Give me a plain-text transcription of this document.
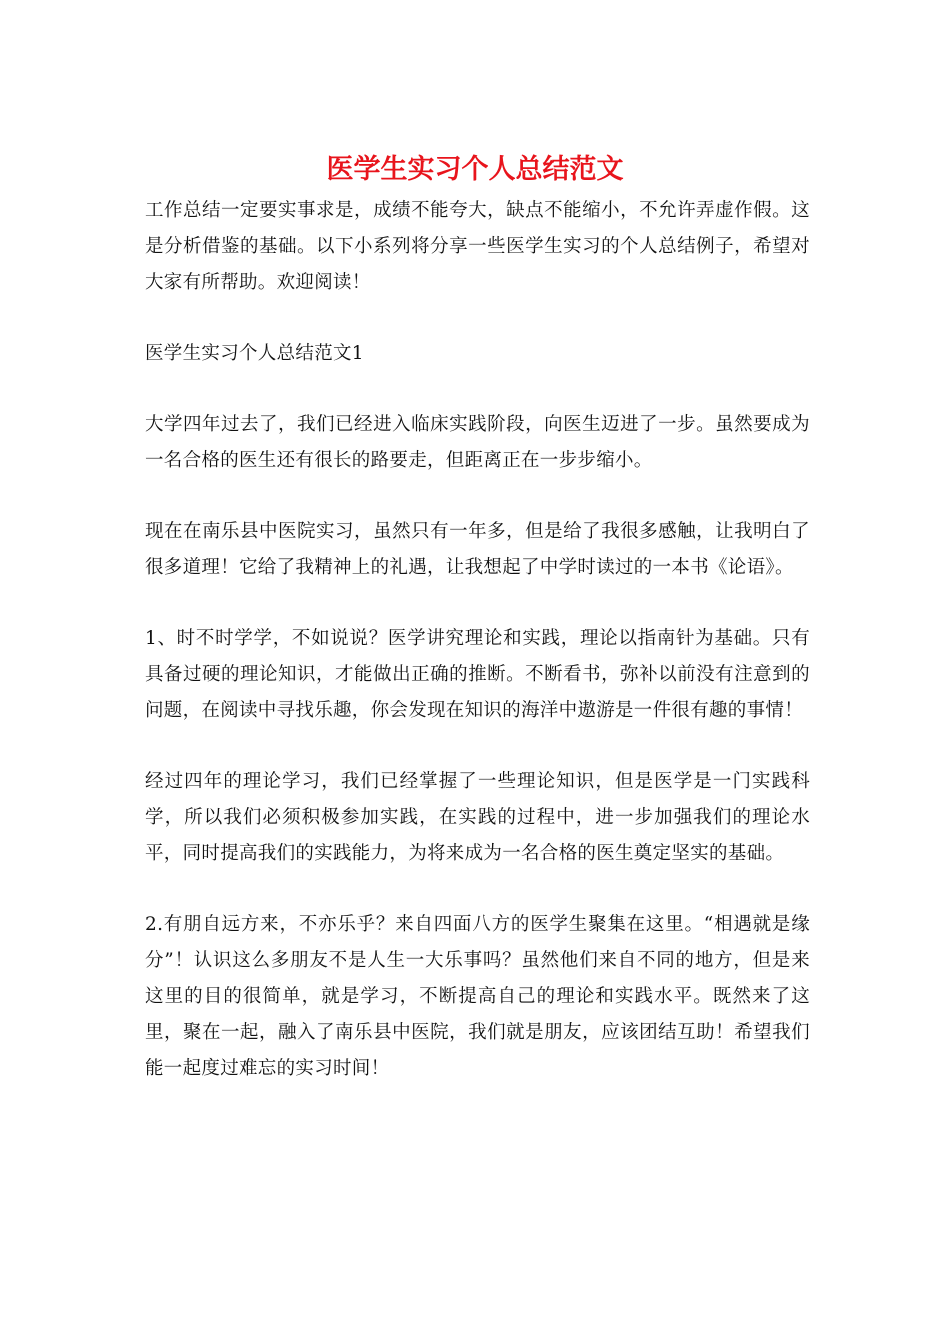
医学生实习个人总结范文

工作总结一定要实事求是，成绩不能夸大，缺点不能缩小，不允许弄虚作假。这是分析借鉴的基础。以下小系列将分享一些医学生实习的个人总结例子，希望对大家有所帮助。欢迎阅读！

医学生实习个人总结范文1

大学四年过去了，我们已经进入临床实践阶段，向医生迈进了一步。虽然要成为一名合格的医生还有很长的路要走，但距离正在一步步缩小。

现在在南乐县中医院实习，虽然只有一年多，但是给了我很多感触，让我明白了很多道理！它给了我精神上的礼遇，让我想起了中学时读过的一本书《论语》。

1、时不时学学，不如说说？医学讲究理论和实践，理论以指南针为基础。只有具备过硬的理论知识，才能做出正确的推断。不断看书，弥补以前没有注意到的问题，在阅读中寻找乐趣，你会发现在知识的海洋中遨游是一件很有趣的事情！

经过四年的理论学习，我们已经掌握了一些理论知识，但是医学是一门实践科学，所以我们必须积极参加实践，在实践的过程中，进一步加强我们的理论水平，同时提高我们的实践能力，为将来成为一名合格的医生奠定坚实的基础。

2.有朋自远方来，不亦乐乎？来自四面八方的医学生聚集在这里。“相遇就是缘分”！认识这么多朋友不是人生一大乐事吗？虽然他们来自不同的地方，但是来这里的目的很简单，就是学习，不断提高自己的理论和实践水平。既然来了这里，聚在一起，融入了南乐县中医院，我们就是朋友，应该团结互助！希望我们能一起度过难忘的实习时间！
